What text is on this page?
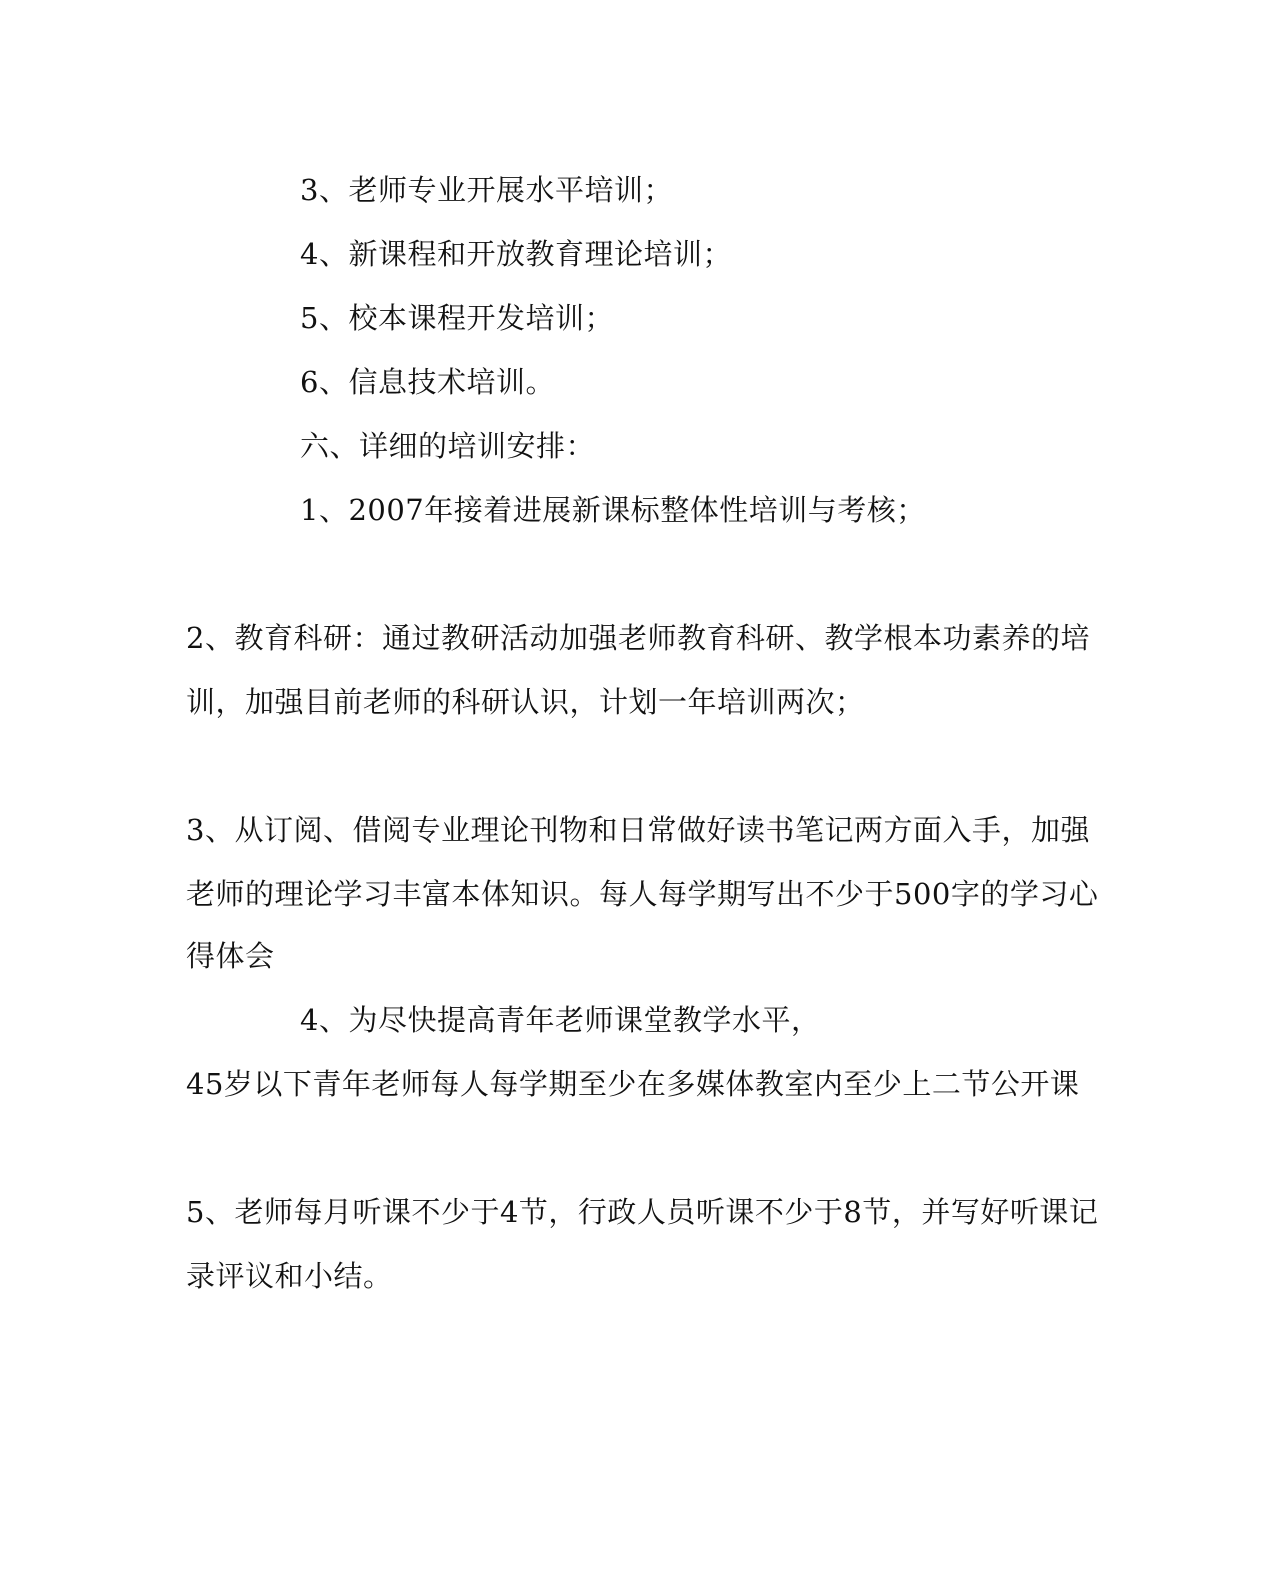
3、老师专业开展水平培训；
4、新课程和开放教育理论培训；
5、校本课程开发培训；
6、信息技术培训。
六、详细的培训安排：
1、2007年接着进展新课标整体性培训与考核；
2、教育科研：通过教研活动加强老师教育科研、教学根本功素养的培
训，加强目前老师的科研认识，计划一年培训两次；
3、从订阅、借阅专业理论刊物和日常做好读书笔记两方面入手，加强
老师的理论学习丰富本体知识。每人每学期写出不少于500字的学习心
得体会
4、为尽快提高青年老师课堂教学水平，
45岁以下青年老师每人每学期至少在多媒体教室内至少上二节公开课
5、老师每月听课不少于4节，行政人员听课不少于8节，并写好听课记
录评议和小结。
